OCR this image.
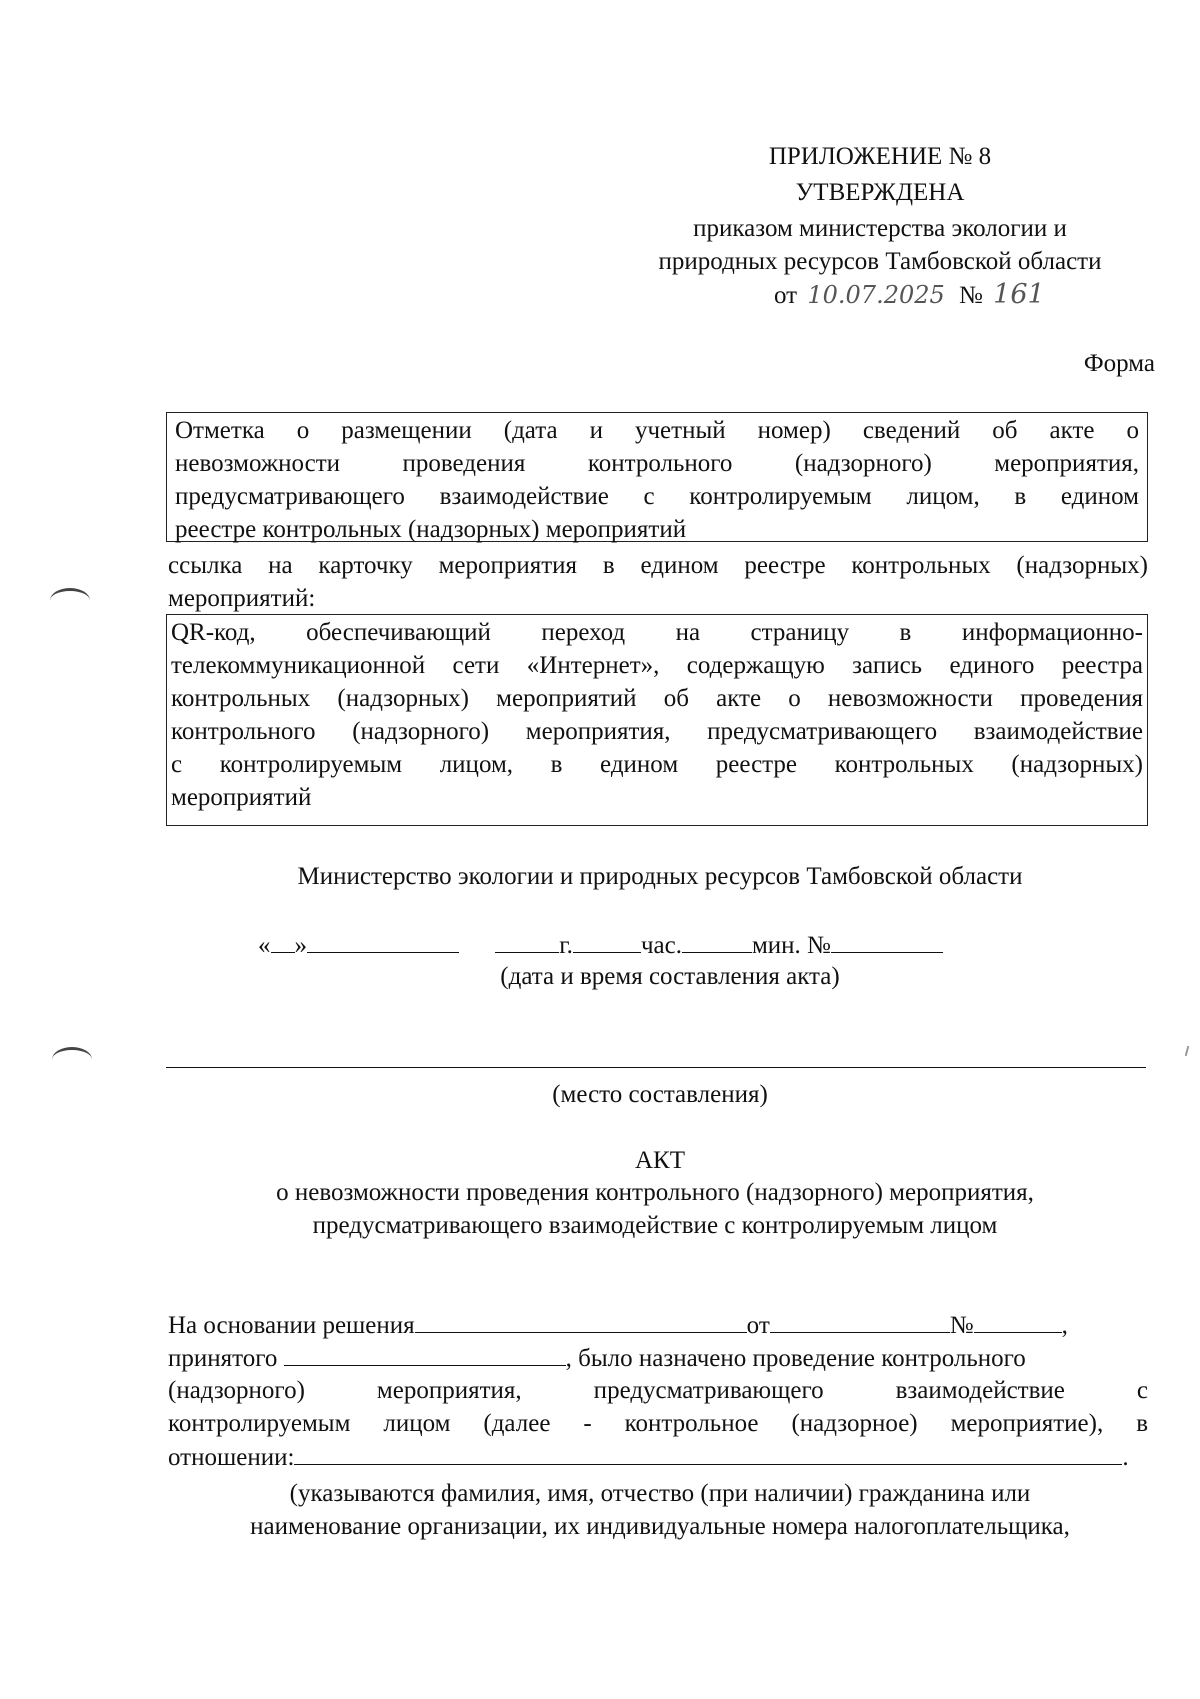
ПРИЛОЖЕНИЕ № 8
УТВЕРЖДЕНА
приказом министерства экологии и
природных ресурсов Тамбовской области
от 10.07.2025 № 161
Форма
Отметка о размещении (дата и учетный номер) сведений об акте о
невозможности проведения контрольного (надзорного) мероприятия,
предусматривающего взаимодействие с контролируемым лицом, в едином
реестре контрольных (надзорных) мероприятий
ссылка на карточку мероприятия в едином реестре контрольных (надзорных)
мероприятий:
QR-код, обеспечивающий переход на страницу в информационно-
телекоммуникационной сети «Интернет», содержащую запись единого реестра
контрольных (надзорных) мероприятий об акте о невозможности проведения
контрольного (надзорного) мероприятия, предусматривающего взаимодействие
с контролируемым лицом, в едином реестре контрольных (надзорных)
мероприятий
Министерство экологии и природных ресурсов Тамбовской области
« »	г.	час.	мин. №
(дата и время составления акта)
(место составления)
АКТ
о невозможности проведения контрольного (надзорного) мероприятия,
предусматривающего взаимодействие с контролируемым лицом
На основании решения	от	№	,
принятого	, было назначено проведение контрольного
(надзорного) мероприятия, предусматривающего взаимодействие с
контролируемым лицом (далее - контрольное (надзорное) мероприятие), в
отношении:	.
(указываются фамилия, имя, отчество (при наличии) гражданина или
наименование организации, их индивидуальные номера налогоплательщика,
